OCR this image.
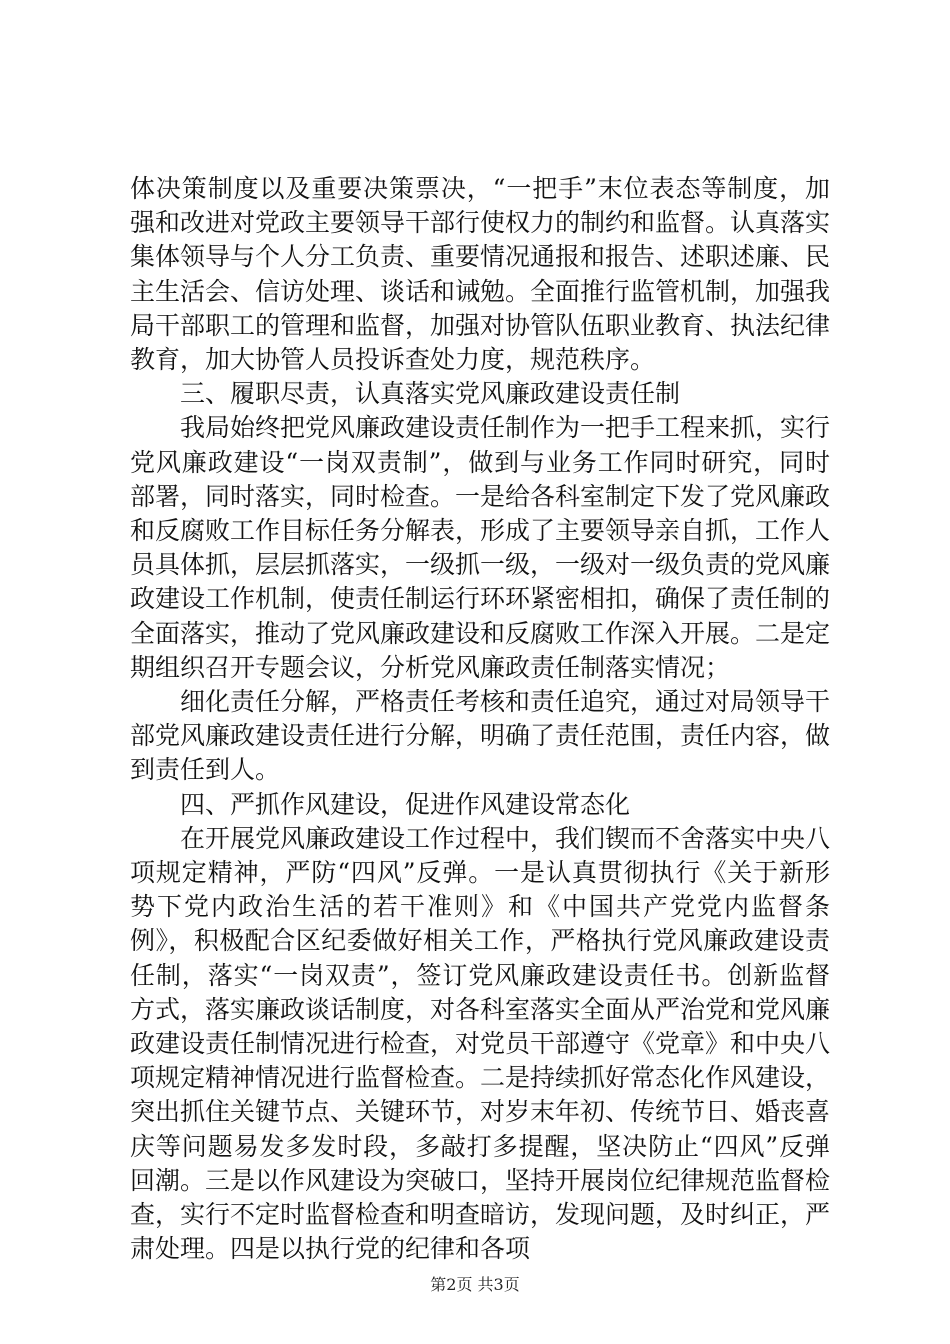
体决策制度以及重要决策票决，“一把手”末位表态等制度，加强和改进对党政主要领导干部行使权力的制约和监督。认真落实集体领导与个人分工负责、重要情况通报和报告、述职述廉、民主生活会、信访处理、谈话和诫勉。全面推行监管机制，加强我局干部职工的管理和监督，加强对协管队伍职业教育、执法纪律教育，加大协管人员投诉查处力度，规范秩序。

三、履职尽责，认真落实党风廉政建设责任制

我局始终把党风廉政建设责任制作为一把手工程来抓，实行党风廉政建设“一岗双责制”，做到与业务工作同时研究，同时部署，同时落实，同时检查。一是给各科室制定下发了党风廉政和反腐败工作目标任务分解表，形成了主要领导亲自抓，工作人员具体抓，层层抓落实，一级抓一级，一级对一级负责的党风廉政建设工作机制，使责任制运行环环紧密相扣，确保了责任制的全面落实，推动了党风廉政建设和反腐败工作深入开展。二是定期组织召开专题会议，分析党风廉政责任制落实情况；

细化责任分解，严格责任考核和责任追究，通过对局领导干部党风廉政建设责任进行分解，明确了责任范围，责任内容，做到责任到人。

四、严抓作风建设，促进作风建设常态化

在开展党风廉政建设工作过程中，我们锲而不舍落实中央八项规定精神，严防“四风”反弹。一是认真贯彻执行《关于新形势下党内政治生活的若干准则》和《中国共产党党内监督条例》，积极配合区纪委做好相关工作，严格执行党风廉政建设责任制，落实“一岗双责”，签订党风廉政建设责任书。创新监督方式，落实廉政谈话制度，对各科室落实全面从严治党和党风廉政建设责任制情况进行检查，对党员干部遵守《党章》和中央八项规定精神情况进行监督检查。二是持续抓好常态化作风建设，突出抓住关键节点、关键环节，对岁末年初、传统节日、婚丧喜庆等问题易发多发时段，多敲打多提醒，坚决防止“四风”反弹回潮。三是以作风建设为突破口，坚持开展岗位纪律规范监督检查，实行不定时监督检查和明查暗访，发现问题，及时纠正，严肃处理。四是以执行党的纪律和各项

第2页 共3页
